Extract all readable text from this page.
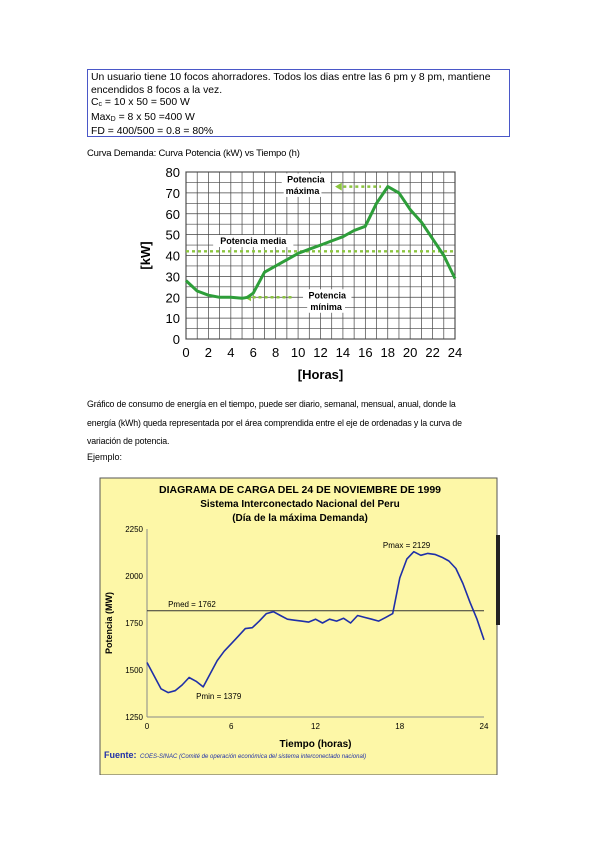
Un usuario tiene 10 focos ahorradores. Todos los dias entre las 6 pm y 8 pm, mantiene
encendidos 8 focos a la vez.
Cc = 10 x 50 = 500 W
MaxD = 8 x 50 =400 W
FD = 400/500 = 0.8 = 80%
Curva Demanda: Curva Potencia (kW) vs Tiempo (h)
0
10
20
30
40
50
60
70
80
0 2 4 6 8 10 12 14 16 18 20 22 24
[Horas]
[kW]
Potencia
máxima
Potencia media
Potencia
mínima
Gráfico de consumo de energía en el tiempo, puede ser diario, semanal, mensual, anual, donde la
energía (kWh) queda representada por el área comprendida entre el eje de ordenadas y la curva de
variación de potencia.
Ejemplo:
DIAGRAMA DE CARGA DEL 24 DE NOVIEMBRE DE 1999
Sistema Interconectado Nacional del Peru
(Día de la máxima Demanda)
1250
1500
1750
2000
2250
0	6	12	18	24
Tiempo (horas)
Potencia (MW)
Pmax = 2129
Pmed = 1762
Pmin = 1379
Fuente: COES-SINAC (Comité de operación económica del sistema interconectado nacional)
